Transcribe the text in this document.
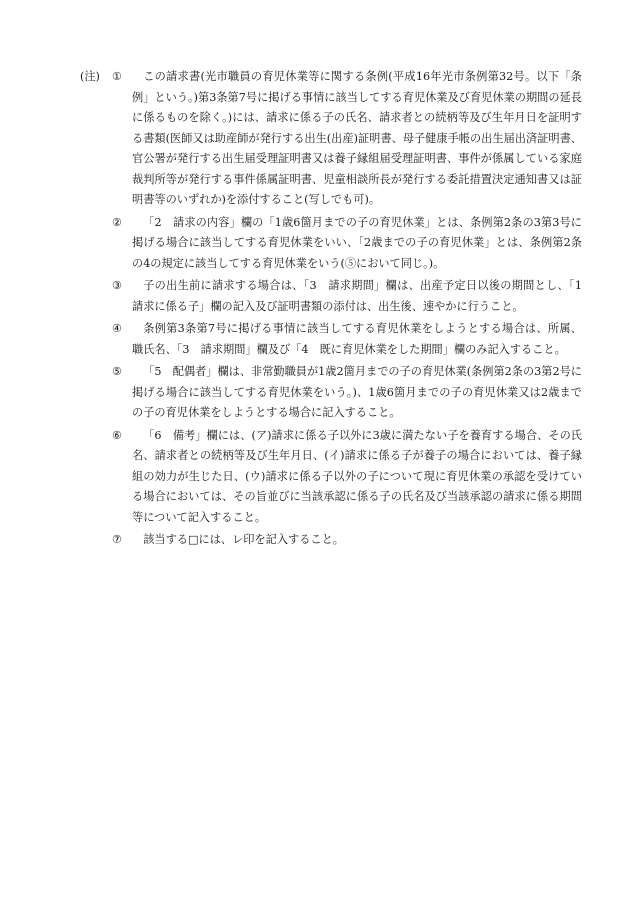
(注) ①	この請求書(光市職員の育児休業等に関する条例(平成16年光市条例第32号。以下「条例」という。)第3条第7号に掲げる事情に該当してする育児休業及び育児休業の期間の延長に係るものを除く。)には、請求に係る子の氏名、請求者との続柄等及び生年月日を証明する書類(医師又は助産師が発行する出生(出産)証明書、母子健康手帳の出生届出済証明書、官公署が発行する出生届受理証明書又は養子縁組届受理証明書、事件が係属している家庭裁判所等が発行する事件係属証明書、児童相談所長が発行する委託措置決定通知書又は証明書等のいずれか)を添付すること(写しでも可)。
②	「2　請求の内容」欄の「1歳6箇月までの子の育児休業」とは、条例第2条の3第3号に掲げる場合に該当してする育児休業をいい、「2歳までの子の育児休業」とは、条例第2条の4の規定に該当してする育児休業をいう(⑤において同じ。)。
③	子の出生前に請求する場合は、「3　請求期間」欄は、出産予定日以後の期間とし、「1　請求に係る子」欄の記入及び証明書類の添付は、出生後、速やかに行うこと。
④	条例第3条第7号に掲げる事情に該当してする育児休業をしようとする場合は、所属、職氏名、「3　請求期間」欄及び「4　既に育児休業をした期間」欄のみ記入すること。
⑤	「5　配偶者」欄は、非常勤職員が1歳2箇月までの子の育児休業(条例第2条の3第2号に掲げる場合に該当してする育児休業をいう。)、1歳6箇月までの子の育児休業又は2歳までの子の育児休業をしようとする場合に記入すること。
⑥	「6　備考」欄には、(ア)請求に係る子以外に3歳に満たない子を養育する場合、その氏名、請求者との続柄等及び生年月日、(イ)請求に係る子が養子の場合においては、養子縁組の効力が生じた日、(ウ)請求に係る子以外の子について現に育児休業の承認を受けている場合においては、その旨並びに当該承認に係る子の氏名及び当該承認の請求に係る期間等について記入すること。
⑦	該当する□には、レ印を記入すること。
